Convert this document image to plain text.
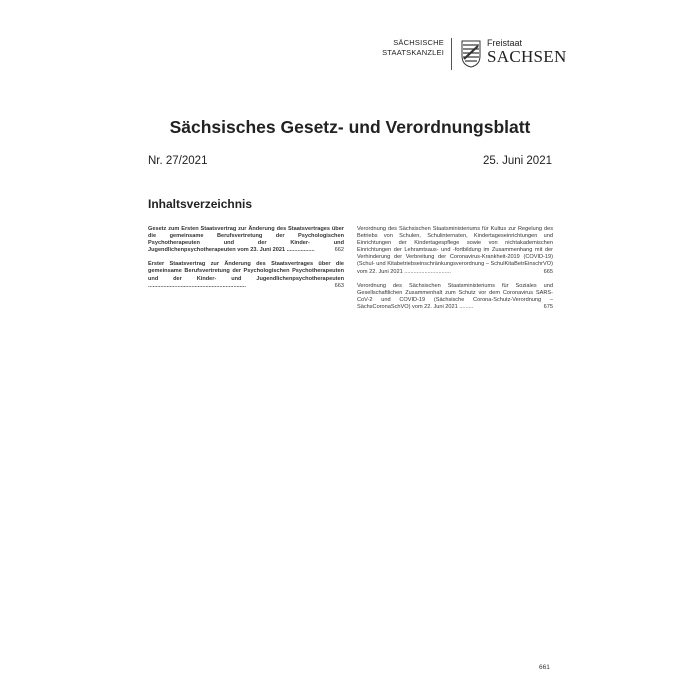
SÄCHSISCHE
STAATSKANZLEI
Freistaat
SACHSEN
Sächsisches Gesetz- und Verordnungsblatt
Nr. 27/2021	25. Juni 2021
Inhaltsverzeichnis
Gesetz zum Ersten Staatsvertrag zur Änderung des Staatsvertrages über die gemeinsame Berufsvertretung der Psychologischen Psychotherapeuten und der Kinder- und Jugendlichenpsychotherapeuten vom 23. Juni 2021 ..................	662
Erster Staatsvertrag zur Änderung des Staatsvertrages über die gemeinsame Berufsvertretung der Psychologischen Psychotherapeuten und der Kinder- und Jugendlichenpsychotherapeuten ...............................................................	663
Verordnung des Sächsischen Staatsministeriums für Kultus zur Regelung des Betriebs von Schulen, Schulinternaten, Kindertageseinrichtungen und Einrichtungen der Kindertagespflege sowie von nichtakademischen Einrichtungen der Lehramtsaus- und -fortbildung im Zusammenhang mit der Verhinderung der Verbreitung der Coronavirus-Krankheit-2019 (COVID-19) (Schul- und Kitabetriebseinschränkungsverordnung – SchulKitaBetrEinschrVO) vom 22. Juni 2021 ..............................	665
Verordnung des Sächsischen Staatsministeriums für Soziales und Gesellschaftlichen Zusammenhalt zum Schutz vor dem Coronavirus SARS-CoV-2 und COVID-19 (Sächsische Corona-Schutz-Verordnung – SächsCoronaSchVO) vom 22. Juni 2021 .........	675
661
